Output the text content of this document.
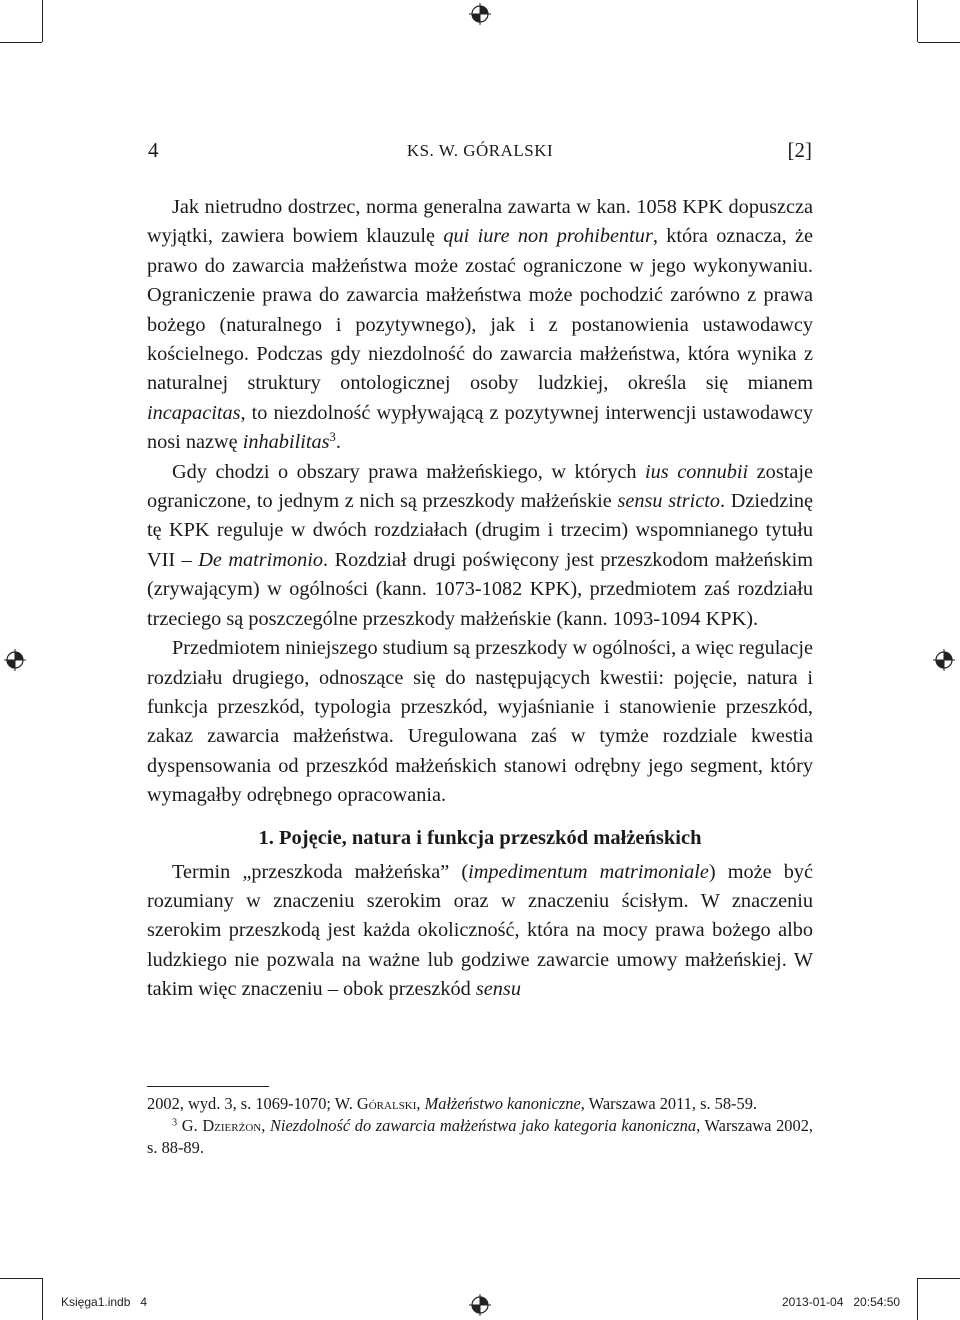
4	KS. W. GÓRALSKI	[2]

Jak nietrudno dostrzec, norma generalna zawarta w kan. 1058 KPK dopuszcza wyjątki, zawiera bowiem klauzulę qui iure non prohibentur, która oznacza, że prawo do zawarcia małżeństwa może zostać ograniczone w jego wykonywaniu. Ograniczenie prawa do zawarcia małżeństwa może pochodzić zarówno z prawa bożego (naturalnego i pozytywnego), jak i z postanowienia ustawodawcy kościelnego. Podczas gdy niezdolność do zawarcia małżeństwa, która wynika z naturalnej struktury ontologicznej osoby ludzkiej, określa się mianem incapacitas, to niezdolność wypływającą z pozytywnej interwencji ustawodawcy nosi nazwę inhabilitas$^3$.

Gdy chodzi o obszary prawa małżeńskiego, w których ius connubii zostaje ograniczone, to jednym z nich są przeszkody małżeńskie sensu stricto. Dziedzinę tę KPK reguluje w dwóch rozdziałach (drugim i trzecim) wspomnianego tytułu VII – De matrimonio. Rozdział drugi poświęcony jest przeszkodom małżeńskim (zrywającym) w ogólności (kann. 1073-1082 KPK), przedmiotem zaś rozdziału trzeciego są poszczególne przeszkody małżeńskie (kann. 1093-1094 KPK).

Przedmiotem niniejszego studium są przeszkody w ogólności, a więc regulacje rozdziału drugiego, odnoszące się do następujących kwestii: pojęcie, natura i funkcja przeszkód, typologia przeszkód, wyjaśnianie i stanowienie przeszkód, zakaz zawarcia małżeństwa. Uregulowana zaś w tymże rozdziale kwestia dyspensowania od przeszkód małżeńskich stanowi odrębny jego segment, który wymagałby odrębnego opracowania.

1. Pojęcie, natura i funkcja przeszkód małżeńskich

Termin „przeszkoda małżeńska” (impedimentum matrimoniale) może być rozumiany w znaczeniu szerokim oraz w znaczeniu ścisłym. W znaczeniu szerokim przeszkodą jest każda okoliczność, która na mocy prawa bożego albo ludzkiego nie pozwala na ważne lub godziwe zawarcie umowy małżeńskiej. W takim więc znaczeniu – obok przeszkód sensu

2002, wyd. 3, s. 1069-1070; W. Góralski, Małżeństwo kanoniczne, Warszawa 2011, s. 58-59.

$^3$ G. Dzierżon, Niezdolność do zawarcia małżeństwa jako kategoria kanoniczna, Warszawa 2002, s. 88-89.

Księga1.indb   4	2013-01-04   20:54:50
